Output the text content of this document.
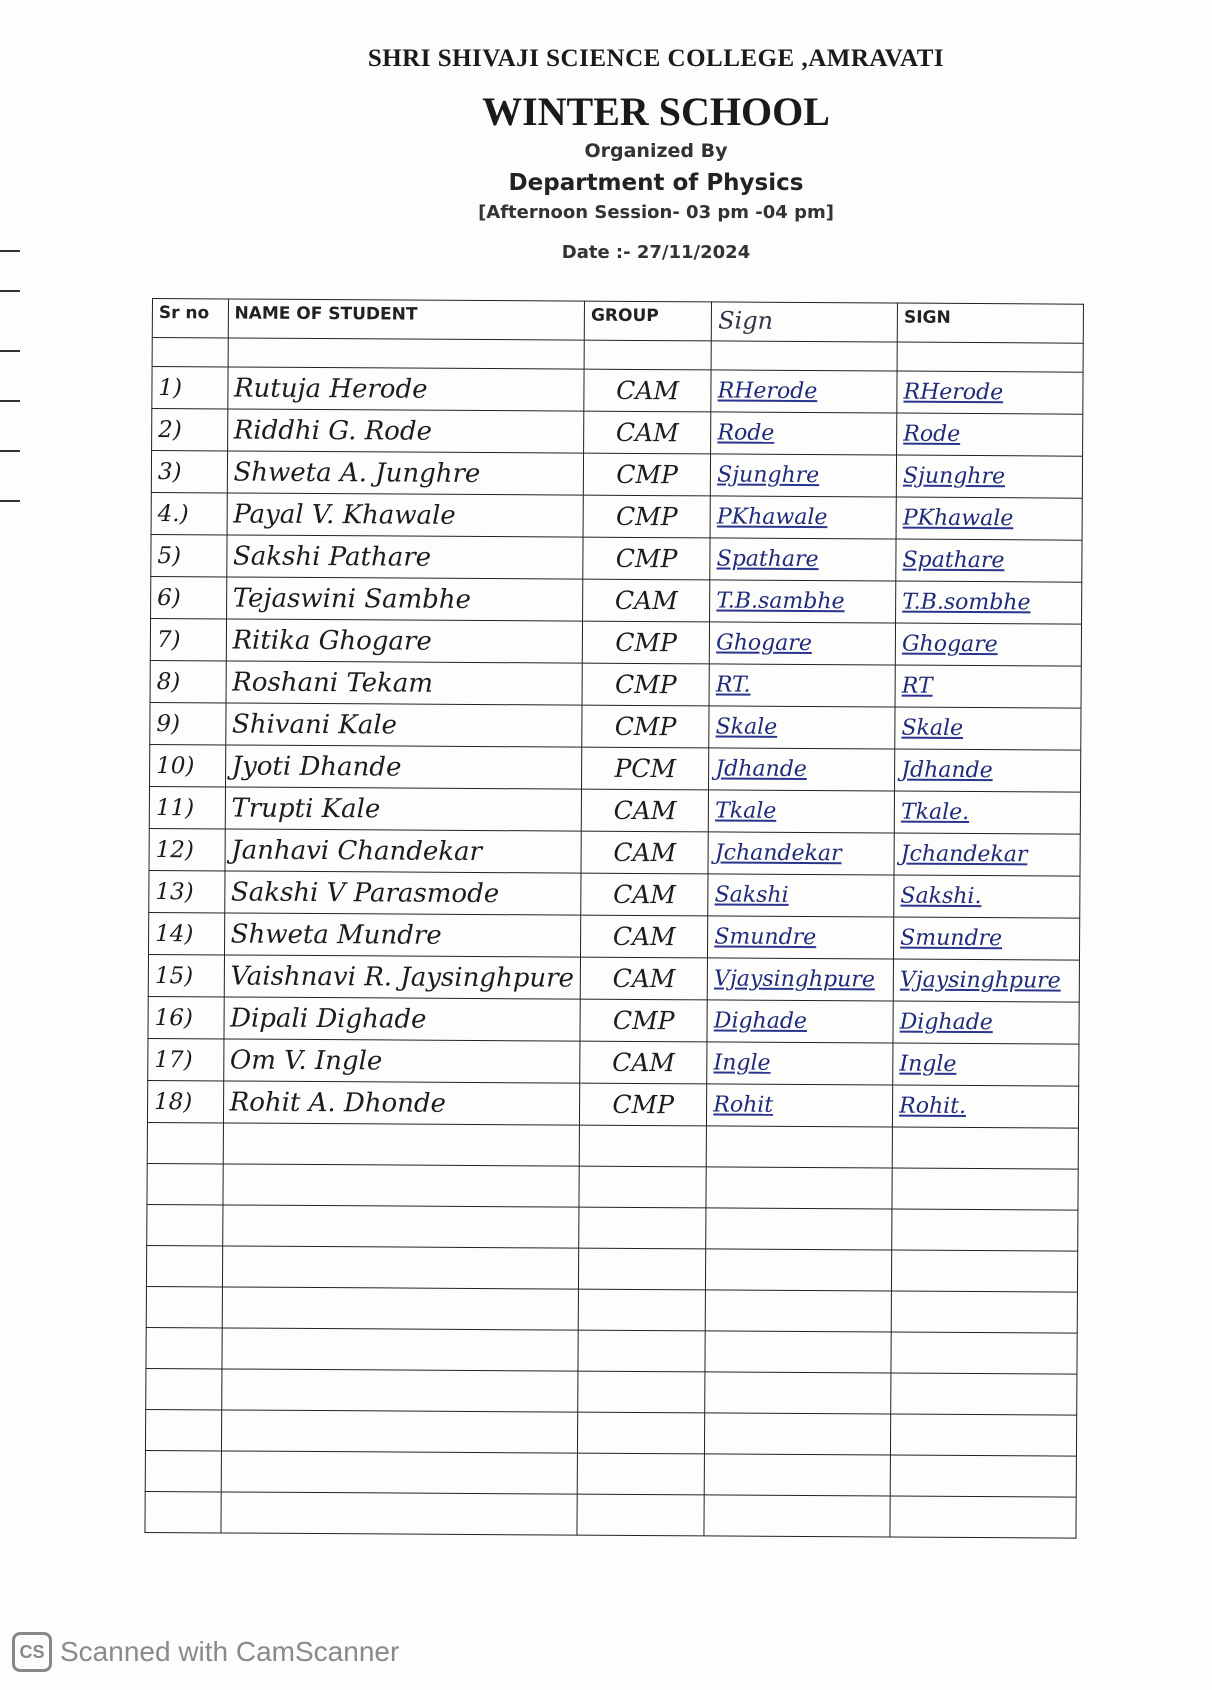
SHRI SHIVAJI SCIENCE COLLEGE ,AMRAVATI
WINTER SCHOOL
Organized By
Department of Physics
[Afternoon Session- 03 pm -04 pm]
Date :- 27/11/2024
Sr no	NAME OF STUDENT	GROUP	Sign	SIGN

1)	Rutuja Herode	CAM	RHerode	RHerode
2)	Riddhi G. Rode	CAM	Rode	Rode
3)	Shweta A. Junghre	CMP	Sjunghre	Sjunghre
4.)	Payal V. Khawale	CMP	PKhawale	PKhawale
5)	Sakshi Pathare	CMP	Spathare	Spathare
6)	Tejaswini Sambhe	CAM	T.B.sambhe	T.B.sombhe
7)	Ritika Ghogare	CMP	Ghogare	Ghogare
8)	Roshani Tekam	CMP	RT.	RT
9)	Shivani Kale	CMP	Skale	Skale
10)	Jyoti Dhande	PCM	Jdhande	Jdhande
11)	Trupti Kale	CAM	Tkale	Tkale.
12)	Janhavi Chandekar	CAM	Jchandekar	Jchandekar
13)	Sakshi V Parasmode	CAM	Sakshi	Sakshi.
14)	Shweta Mundre	CAM	Smundre	Smundre
15)	Vaishnavi R. Jaysinghpure	CAM	Vjaysinghpure	Vjaysinghpure
16)	Dipali Dighade	CMP	Dighade	Dighade
17)	Om V. Ingle	CAM	Ingle	Ingle
18)	Rohit A. Dhonde	CMP	Rohit	Rohit.

CS Scanned with CamScanner
